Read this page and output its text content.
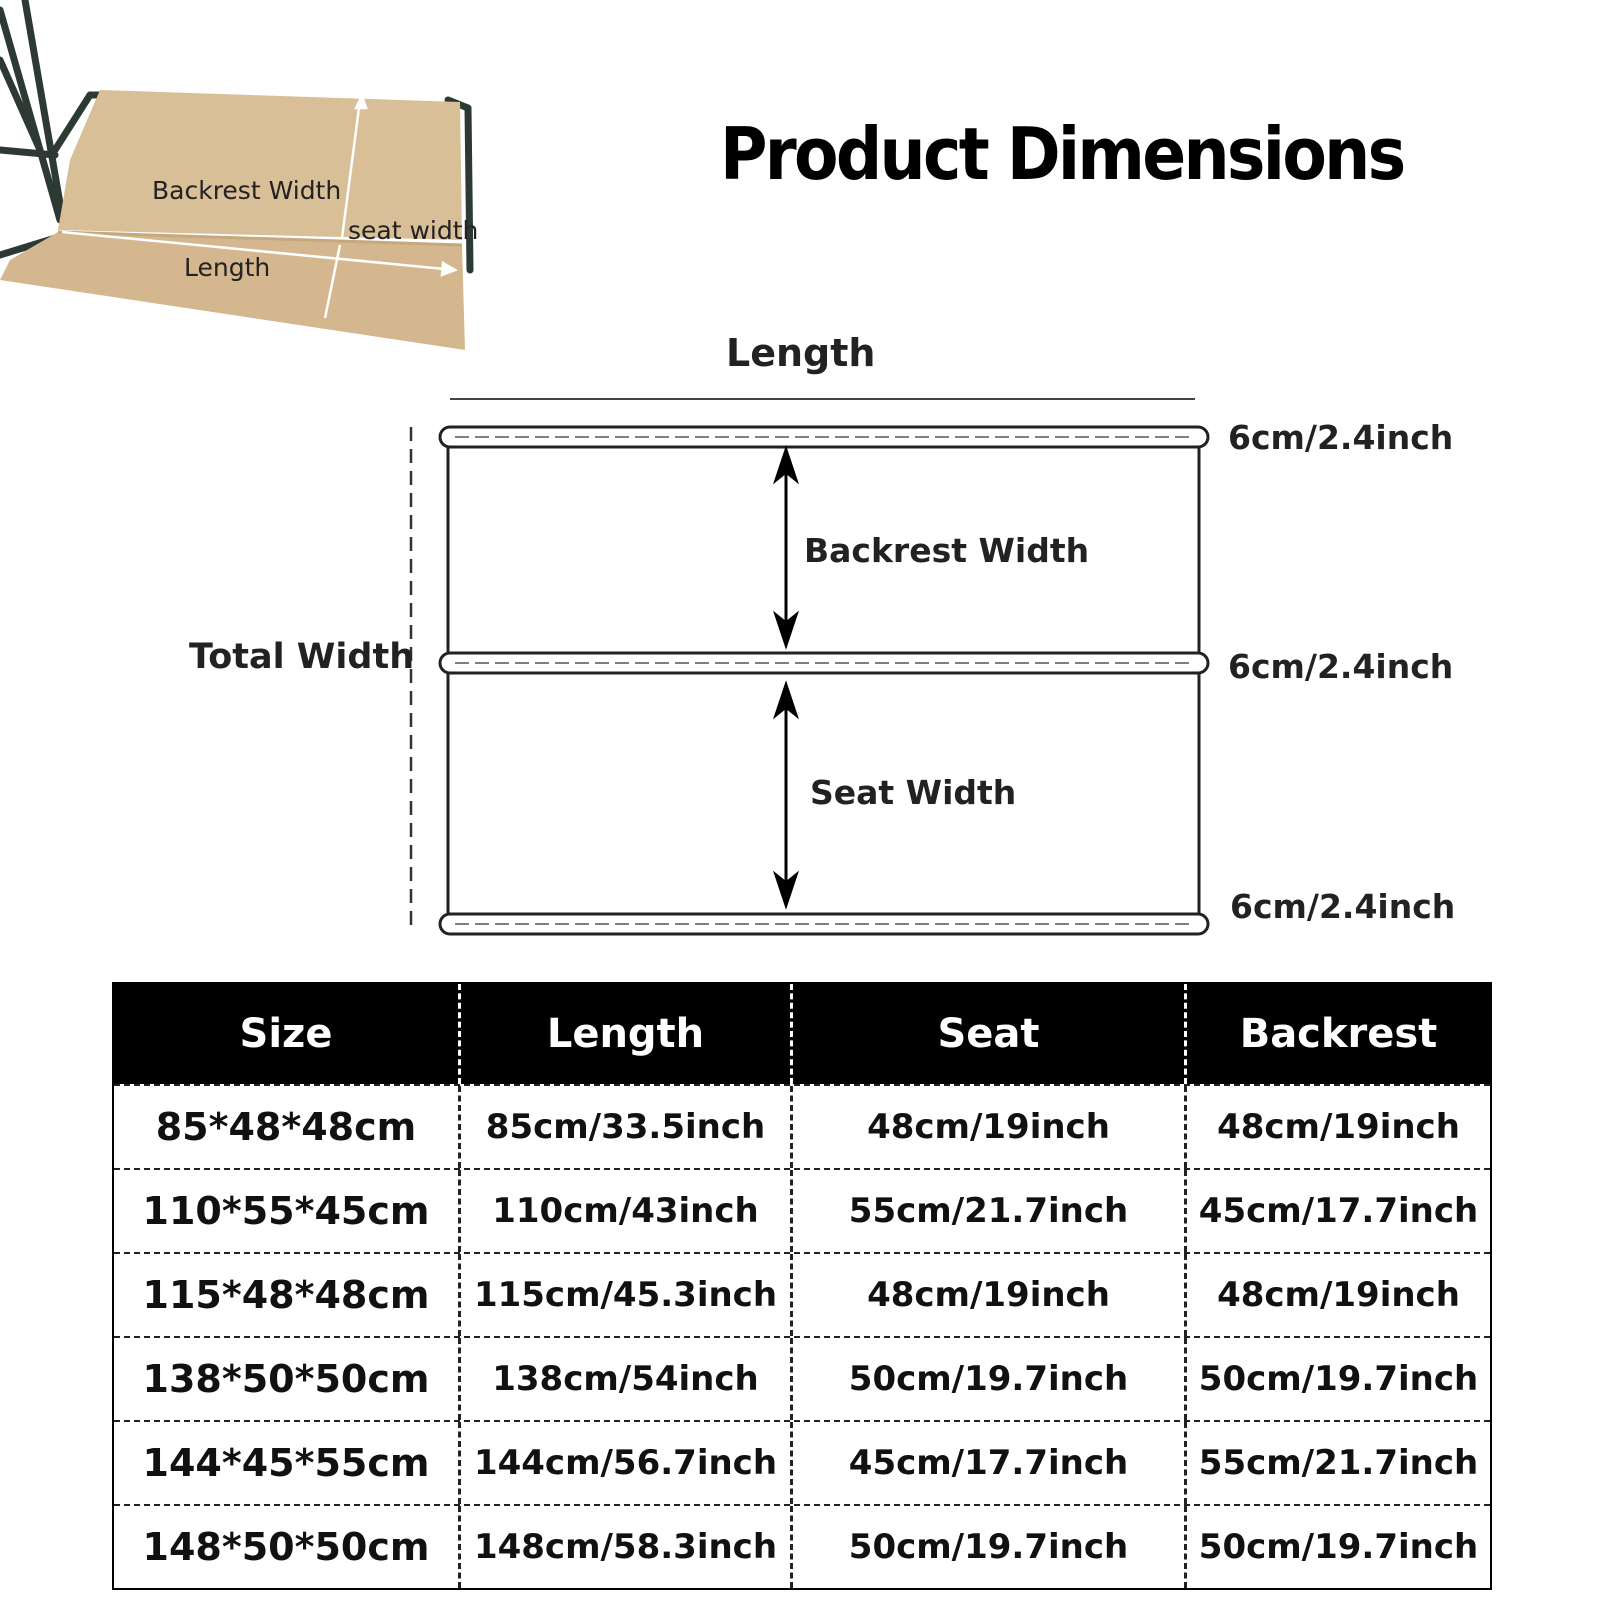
Backrest Width
seat width
Length
Product Dimensions
Length
Total Width
Backrest Width
Seat Width
6cm/2.4inch
6cm/2.4inch
6cm/2.4inch
Size	Length	Seat	Backrest
85*48*48cm	85cm/33.5inch	48cm/19inch	48cm/19inch
110*55*45cm	110cm/43inch	55cm/21.7inch	45cm/17.7inch
115*48*48cm	115cm/45.3inch	48cm/19inch	48cm/19inch
138*50*50cm	138cm/54inch	50cm/19.7inch	50cm/19.7inch
144*45*55cm	144cm/56.7inch	45cm/17.7inch	55cm/21.7inch
148*50*50cm	148cm/58.3inch	50cm/19.7inch	50cm/19.7inch
